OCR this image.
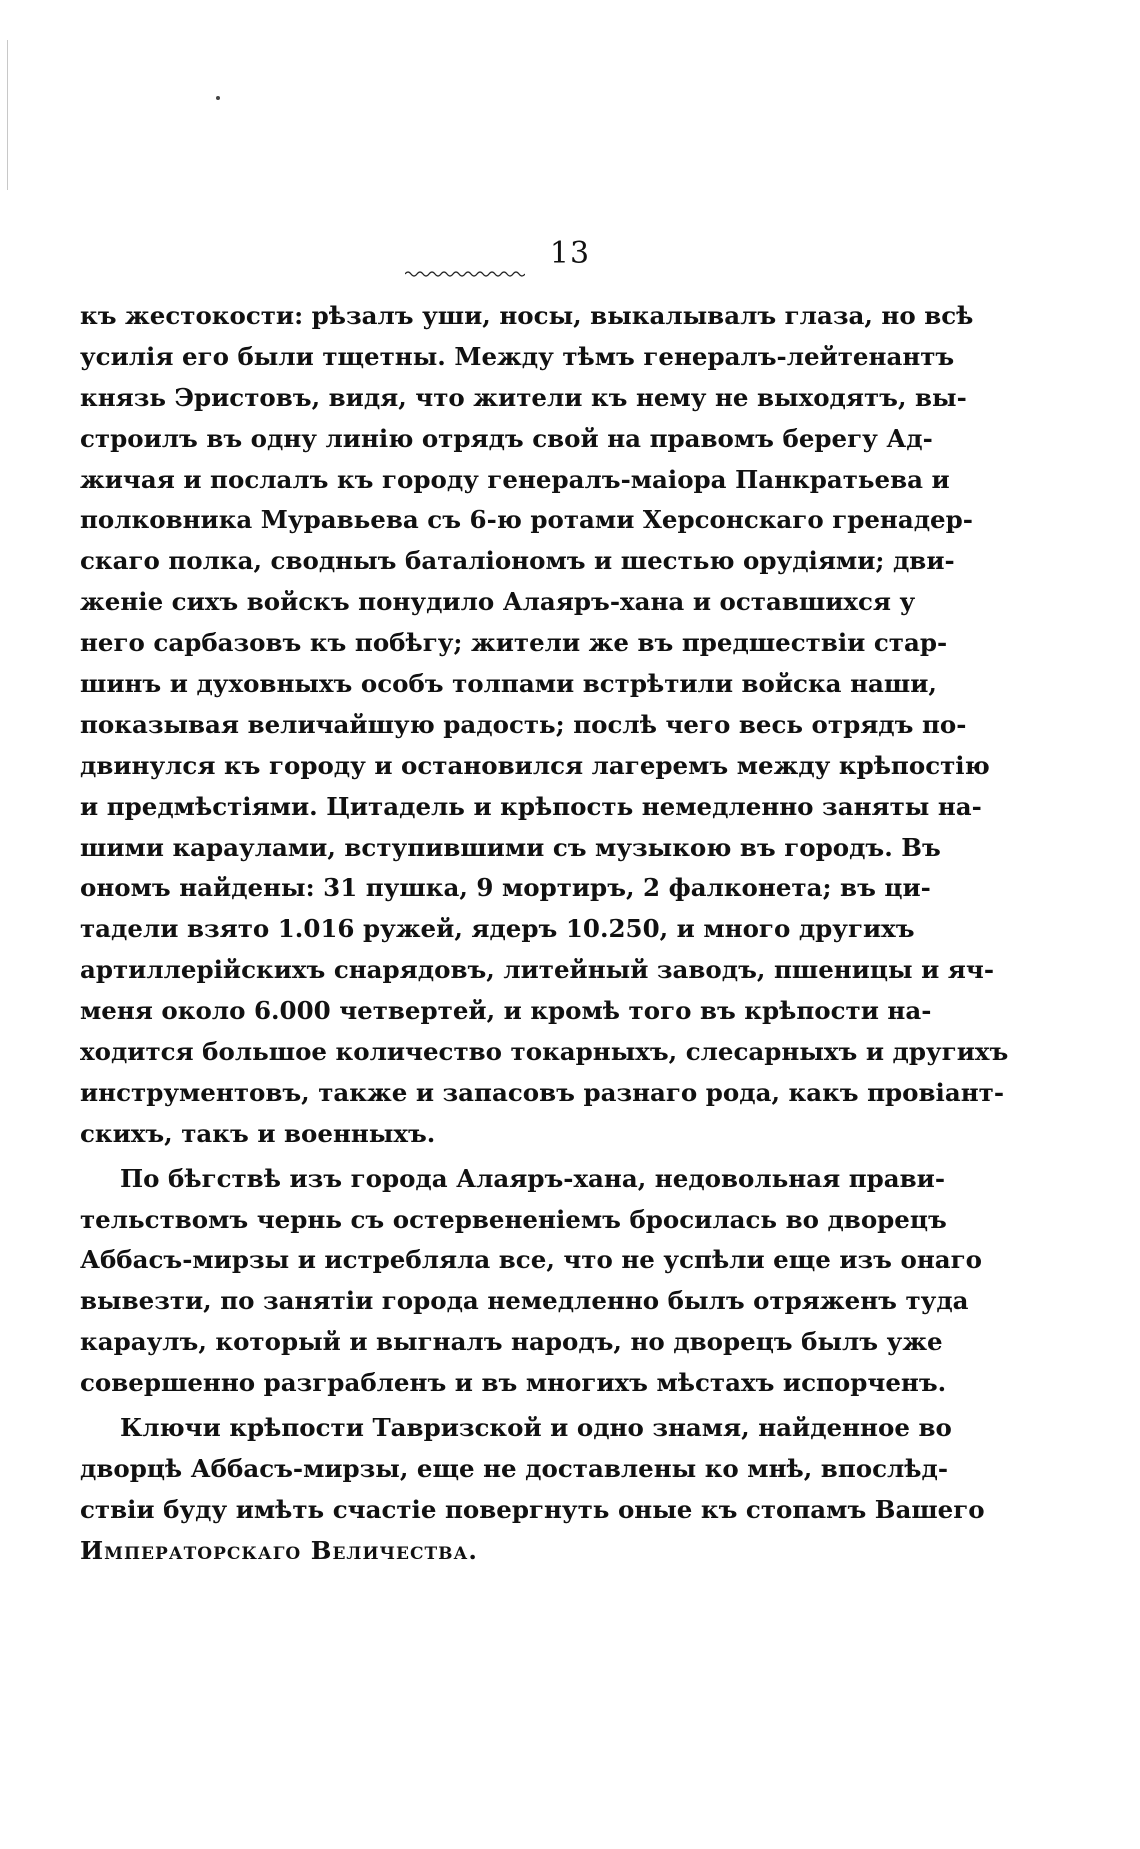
13
къ жестокости: рѣзалъ уши, носы, выкалывалъ глаза, но всѣ
усилія его были тщетны. Между тѣмъ генералъ-лейтенантъ
князь Эристовъ, видя, что жители къ нему не выходятъ, вы-
строилъ въ одну линію отрядъ свой на правомъ берегу Ад-
жичая и послалъ къ городу генералъ-маіора Панкратьева и
полковника Муравьева съ 6-ю ротами Херсонскаго гренадер-
скаго полка, сводныъ баталіономъ и шестью орудіями; дви-
женіе сихъ войскъ понудило Алаяръ-хана и оставшихся у
него сарбазовъ къ побѣгу; жители же въ предшествіи стар-
шинъ и духовныхъ особъ толпами встрѣтили войска наши,
показывая величайшую радость; послѣ чего весь отрядъ по-
двинулся къ городу и остановился лагеремъ между крѣпостію
и предмѣстіями. Цитадель и крѣпость немедленно заняты на-
шими караулами, вступившими съ музыкою въ городъ. Въ
ономъ найдены: 31 пушка, 9 мортиръ, 2 фалконета; въ ци-
тадели взято 1.016 ружей, ядеръ 10.250, и много другихъ
артиллерійскихъ снарядовъ, литейный заводъ, пшеницы и яч-
меня около 6.000 четвертей, и кромѣ того въ крѣпости на-
ходится большое количество токарныхъ, слесарныхъ и другихъ
инструментовъ, также и запасовъ разнаго рода, какъ провіант-
скихъ, такъ и военныхъ.
По бѣгствѣ изъ города Алаяръ-хана, недовольная прави-
тельствомъ чернь съ остервененіемъ бросилась во дворецъ
Аббасъ-мирзы и истребляла все, что не успѣли еще изъ онаго
вывезти, по занятіи города немедленно былъ отряженъ туда
караулъ, который и выгналъ народъ, но дворецъ былъ уже
совершенно разграбленъ и въ многихъ мѣстахъ испорченъ.
Ключи крѣпости Тавризской и одно знамя, найденное во
дворцѣ Аббасъ-мирзы, еще не доставлены ко мнѣ, впослѣд-
ствіи буду имѣть счастіе повергнуть оные къ стопамъ Вашего
Императорскаго Величества.
